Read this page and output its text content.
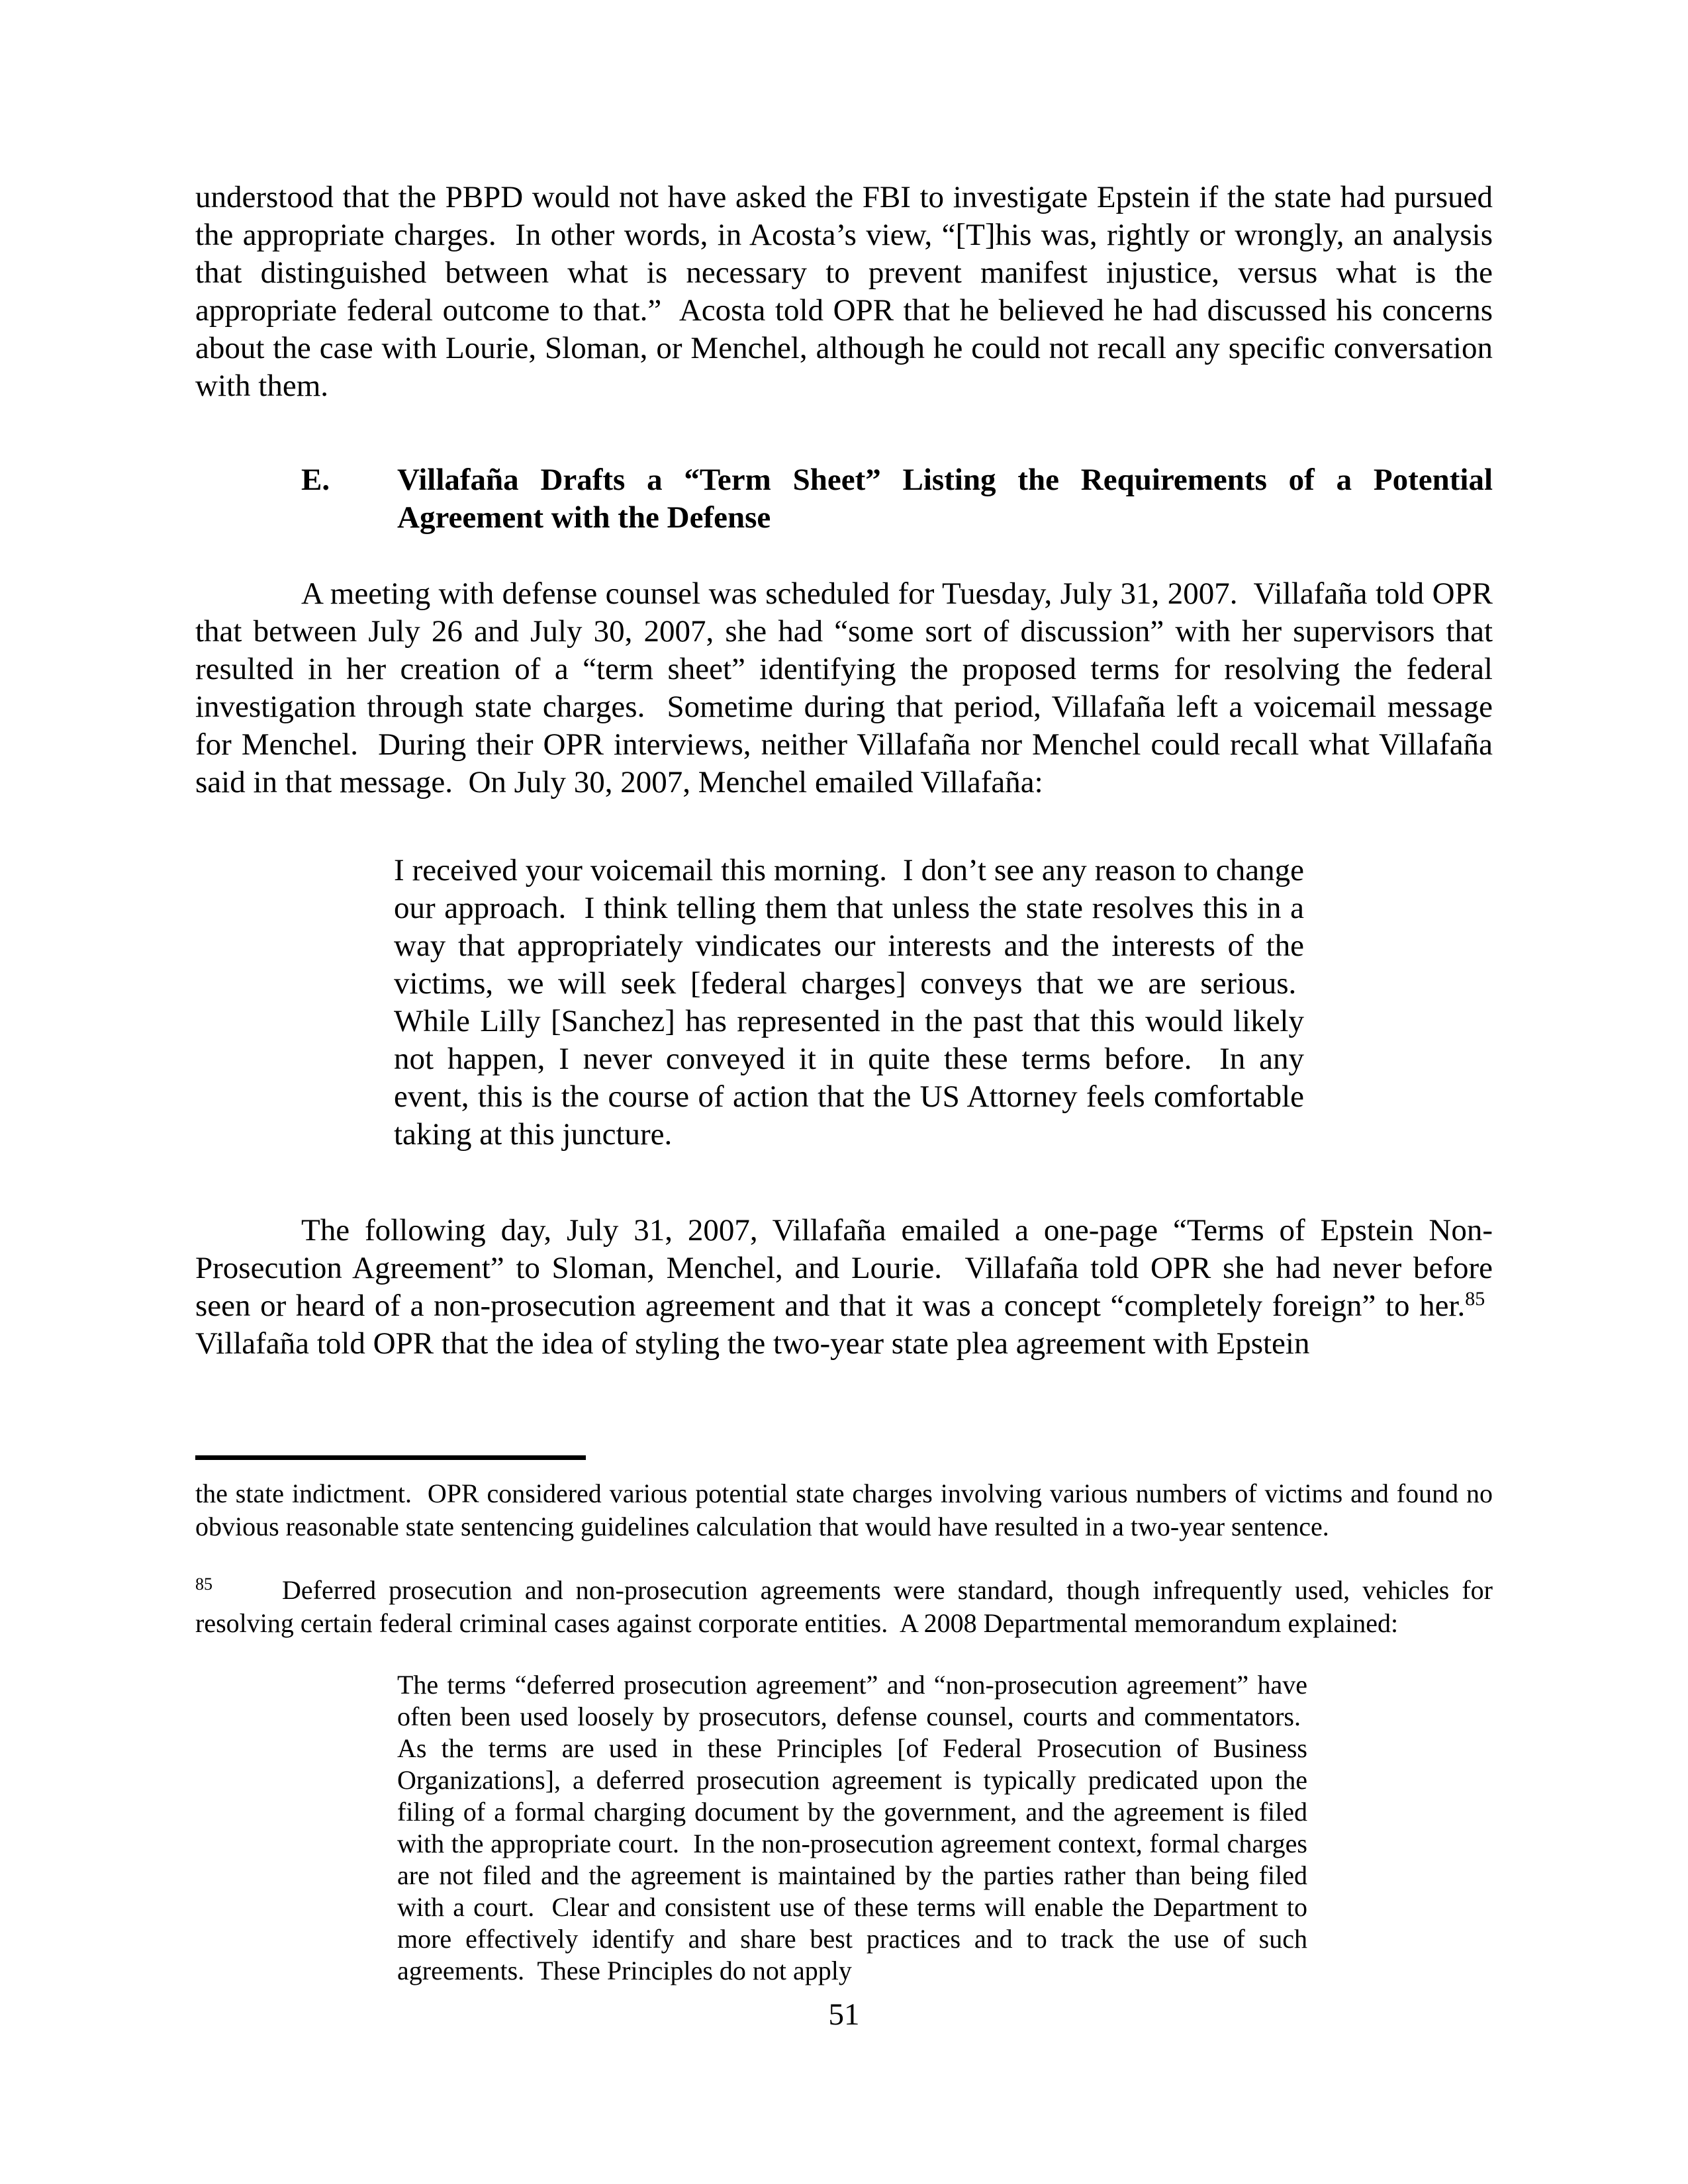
understood that the PBPD would not have asked the FBI to investigate Epstein if the state had pursued the appropriate charges.  In other words, in Acosta’s view, “[T]his was, rightly or wrongly, an analysis that distinguished between what is necessary to prevent manifest injustice, versus what is the appropriate federal outcome to that.”  Acosta told OPR that he believed he had discussed his concerns about the case with Lourie, Sloman, or Menchel, although he could not recall any specific conversation with them.

E.	Villafaña Drafts a “Term Sheet” Listing the Requirements of a Potential Agreement with the Defense

A meeting with defense counsel was scheduled for Tuesday, July 31, 2007.  Villafaña told OPR that between July 26 and July 30, 2007, she had “some sort of discussion” with her supervisors that resulted in her creation of a “term sheet” identifying the proposed terms for resolving the federal investigation through state charges.  Sometime during that period, Villafaña left a voicemail message for Menchel.  During their OPR interviews, neither Villafaña nor Menchel could recall what Villafaña said in that message.  On July 30, 2007, Menchel emailed Villafaña:

I received your voicemail this morning.  I don’t see any reason to change our approach.  I think telling them that unless the state resolves this in a way that appropriately vindicates our interests and the interests of the victims, we will seek [federal charges] conveys that we are serious.  While Lilly [Sanchez] has represented in the past that this would likely not happen, I never conveyed it in quite these terms before.  In any event, this is the course of action that the US Attorney feels comfortable taking at this juncture.

The following day, July 31, 2007, Villafaña emailed a one-page “Terms of Epstein Non-Prosecution Agreement” to Sloman, Menchel, and Lourie.  Villafaña told OPR she had never before seen or heard of a non-prosecution agreement and that it was a concept “completely foreign” to her.$^{85}$  Villafaña told OPR that the idea of styling the two-year state plea agreement with Epstein

the state indictment.  OPR considered various potential state charges involving various numbers of victims and found no obvious reasonable state sentencing guidelines calculation that would have resulted in a two-year sentence.

$^{85}$	Deferred prosecution and non-prosecution agreements were standard, though infrequently used, vehicles for resolving certain federal criminal cases against corporate entities.  A 2008 Departmental memorandum explained:

The terms “deferred prosecution agreement” and “non-prosecution agreement” have often been used loosely by prosecutors, defense counsel, courts and commentators.  As the terms are used in these Principles [of Federal Prosecution of Business Organizations], a deferred prosecution agreement is typically predicated upon the filing of a formal charging document by the government, and the agreement is filed with the appropriate court.  In the non-prosecution agreement context, formal charges are not filed and the agreement is maintained by the parties rather than being filed with a court.  Clear and consistent use of these terms will enable the Department to more effectively identify and share best practices and to track the use of such agreements.  These Principles do not apply
51
